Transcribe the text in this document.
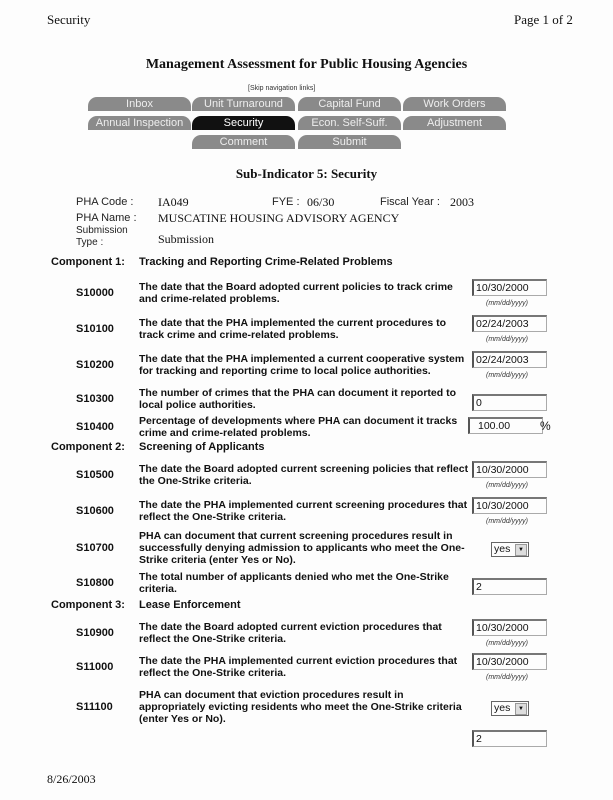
Security	Page 1 of 2
Management Assessment for Public Housing Agencies
[Skip navigation links]
Inbox	Unit Turnaround	Capital Fund	Work Orders
Annual Inspection	Security	Econ. Self-Suff.	Adjustment
Comment	Submit
Sub-Indicator 5: Security
PHA Code : IA049	FYE : 06/30	Fiscal Year : 2003
PHA Name : MUSCATINE HOUSING ADVISORY AGENCY
Submission
Type :	Submission
Component 1: Tracking and Reporting Crime-Related Problems
Component 2: Screening of Applicants
Component 3: Lease Enforcement
S10000 The date that the Board adopted current policies to track crime and crime-related problems.
10/30/2000
(mm/dd/yyyy)
S10100 The date that the PHA implemented the current procedures to track crime and crime-related problems.
02/24/2003
(mm/dd/yyyy)
S10200 The date that the PHA implemented a current cooperative system for tracking and reporting crime to local police authorities.
02/24/2003
(mm/dd/yyyy)
S10300 The number of crimes that the PHA can document it reported to local police authorities.	0
S10400 Percentage of developments where PHA can document it tracks crime and crime-related problems.
100.00	%
S10500 The date the Board adopted current screening policies that reflect the One-Strike criteria.
10/30/2000
(mm/dd/yyyy)
S10600 The date the PHA implemented current screening procedures that reflect the One-Strike criteria.
10/30/2000
(mm/dd/yyyy)
S10700
PHA can document that current screening procedures result in successfully denying admission to applicants who meet the One-Strike criteria (enter Yes or No).
yes	▼
S10800 The total number of applicants denied who met the One-Strike criteria.	2
S10900 The date the Board adopted current eviction procedures that reflect the One-Strike criteria.
10/30/2000
(mm/dd/yyyy)
S11000 The date the PHA implemented current eviction procedures that reflect the One-Strike criteria.
10/30/2000
(mm/dd/yyyy)
S11100
PHA can document that eviction procedures result in appropriately evicting residents who meet the One-Strike criteria (enter Yes or No).
yes	▼
2
8/26/2003
